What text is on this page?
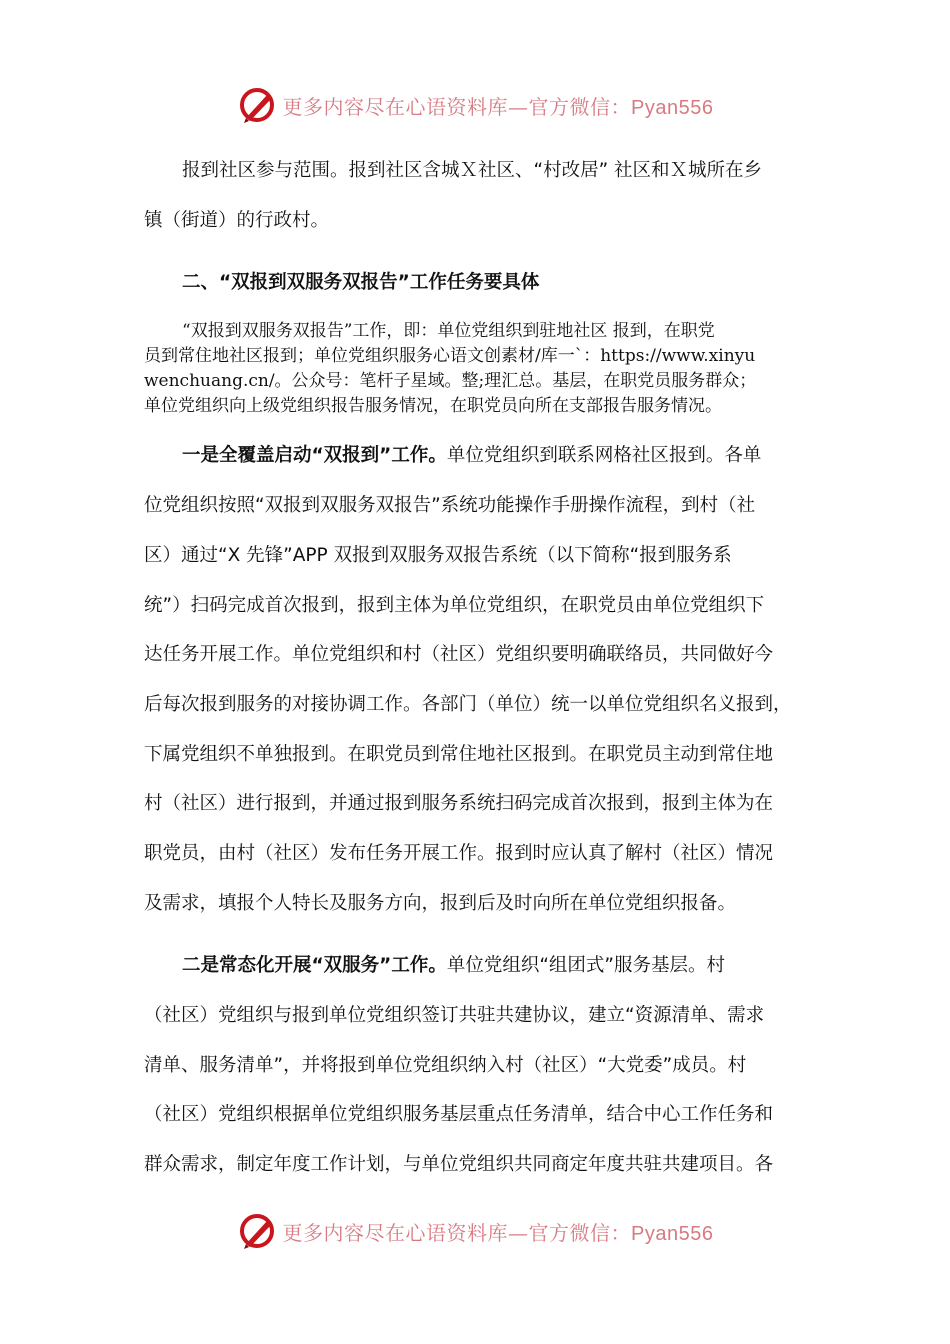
更多内容尽在心语资料库—官方微信：Pyan556
报到社区参与范围。报到社区含城Ｘ社区、“村改居” 社区和Ｘ城所在乡
镇（街道）的行政村。
二、“双报到双服务双报告”工作任务要具体
“双报到双服务双报告”工作，即：单位党组织到驻地社区 报到，在职党
员到常住地社区报到；单位党组织服务心语文创素材/库一`：https://www.xinyu
wenchuang.cn/。公众号：笔杆子星域。整;理汇总。基层，在职党员服务群众；
单位党组织向上级党组织报告服务情况，在职党员向所在支部报告服务情况。
一是全覆盖启动“双报到”工作。单位党组织到联系网格社区报到。各单
位党组织按照“双报到双服务双报告”系统功能操作手册操作流程，到村（社
区）通过“X 先锋”APP 双报到双服务双报告系统（以下简称“报到服务系
统”）扫码完成首次报到，报到主体为单位党组织，在职党员由单位党组织下
达任务开展工作。单位党组织和村（社区）党组织要明确联络员，共同做好今
后每次报到服务的对接协调工作。各部门（单位）统一以单位党组织名义报到，
下属党组织不单独报到。在职党员到常住地社区报到。在职党员主动到常住地
村（社区）进行报到，并通过报到服务系统扫码完成首次报到，报到主体为在
职党员，由村（社区）发布任务开展工作。报到时应认真了解村（社区）情况
及需求，填报个人特长及服务方向，报到后及时向所在单位党组织报备。
二是常态化开展“双服务”工作。单位党组织“组团式”服务基层。村
（社区）党组织与报到单位党组织签订共驻共建协议，建立“资源清单、需求
清单、服务清单”，并将报到单位党组织纳入村（社区）“大党委”成员。村
（社区）党组织根据单位党组织服务基层重点任务清单，结合中心工作任务和
群众需求，制定年度工作计划，与单位党组织共同商定年度共驻共建项目。各
更多内容尽在心语资料库—官方微信：Pyan556
